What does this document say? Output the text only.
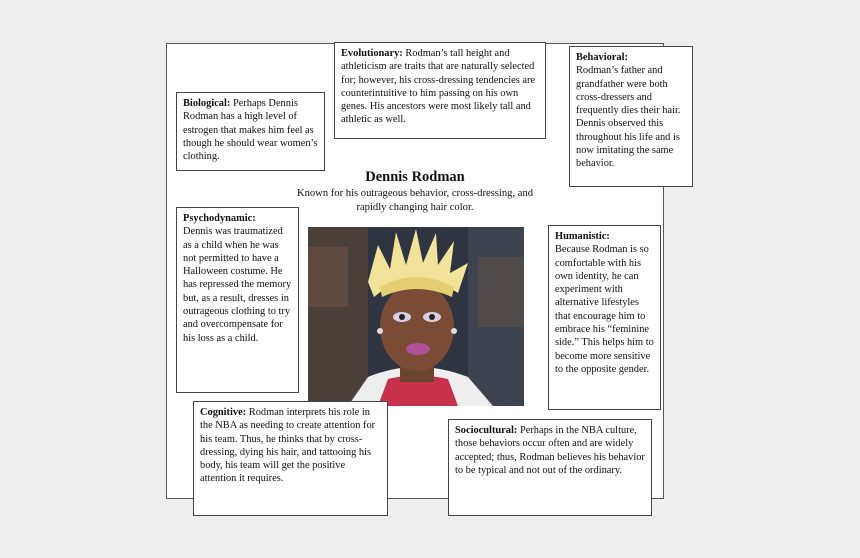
Biological: Perhaps Dennis Rodman has a high level of estrogen that makes him feel as though he should wear women’s clothing.
Evolutionary: Rodman’s tall height and athleticism are traits that are naturally selected for; however, his cross-dressing tendencies are counterintuitive to him passing on his own genes. His ancestors were most likely tall and athletic as well.
Behavioral:
Rodman’s father and grandfather were both cross-dressers and frequently dies their hair. Dennis observed this throughout his life and is now imitating the same behavior.
Dennis Rodman
Known for his outrageous behavior, cross-dressing, and rapidly changing hair color.
Psychodynamic:
Dennis was traumatized as a child when he was not permitted to have a Halloween costume. He has repressed the memory but, as a result, dresses in outrageous clothing to try and overcompensate for his loss as a child.
Humanistic:
Because Rodman is so comfortable with his own identity, he can experiment with alternative lifestyles that encourage him to embrace his “feminine side.” This helps him to become more sensitive to the opposite gender.
Cognitive: Rodman interprets his role in the NBA as needing to create attention for his team. Thus, he thinks that by cross-dressing, dying his hair, and tattooing his body, his team will get the positive attention it requires.
Sociocultural: Perhaps in the NBA culture, those behaviors occur often and are widely accepted; thus, Rodman believes his behavior to be typical and not out of the ordinary.
